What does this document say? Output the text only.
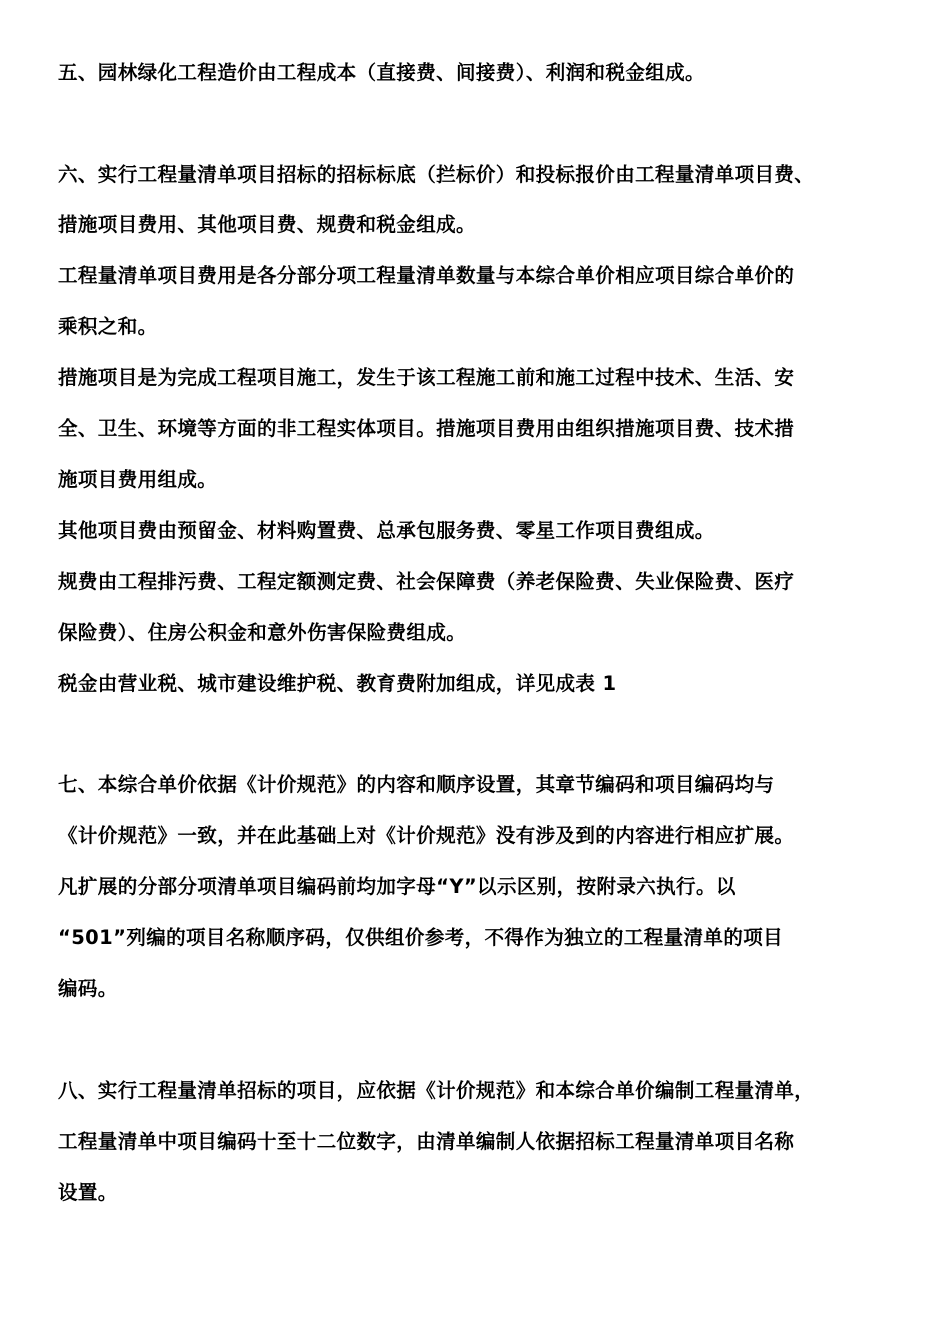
五、园林绿化工程造价由工程成本（直接费、间接费）、利润和税金组成。
六、实行工程量清单项目招标的招标标底（拦标价）和投标报价由工程量清单项目费、
措施项目费用、其他项目费、规费和税金组成。
工程量清单项目费用是各分部分项工程量清单数量与本综合单价相应项目综合单价的
乘积之和。
措施项目是为完成工程项目施工，发生于该工程施工前和施工过程中技术、生活、安
全、卫生、环境等方面的非工程实体项目。措施项目费用由组织措施项目费、技术措
施项目费用组成。
其他项目费由预留金、材料购置费、总承包服务费、零星工作项目费组成。
规费由工程排污费、工程定额测定费、社会保障费（养老保险费、失业保险费、医疗
保险费）、住房公积金和意外伤害保险费组成。
税金由营业税、城市建设维护税、教育费附加组成，详见成表 1
七、本综合单价依据《计价规范》的内容和顺序设置，其章节编码和项目编码均与
《计价规范》一致，并在此基础上对《计价规范》没有涉及到的内容进行相应扩展。
凡扩展的分部分项清单项目编码前均加字母“Y”以示区别，按附录六执行。以
“501”列编的项目名称顺序码，仅供组价参考，不得作为独立的工程量清单的项目
编码。
八、实行工程量清单招标的项目，应依据《计价规范》和本综合单价编制工程量清单，
工程量清单中项目编码十至十二位数字，由清单编制人依据招标工程量清单项目名称
设置。
